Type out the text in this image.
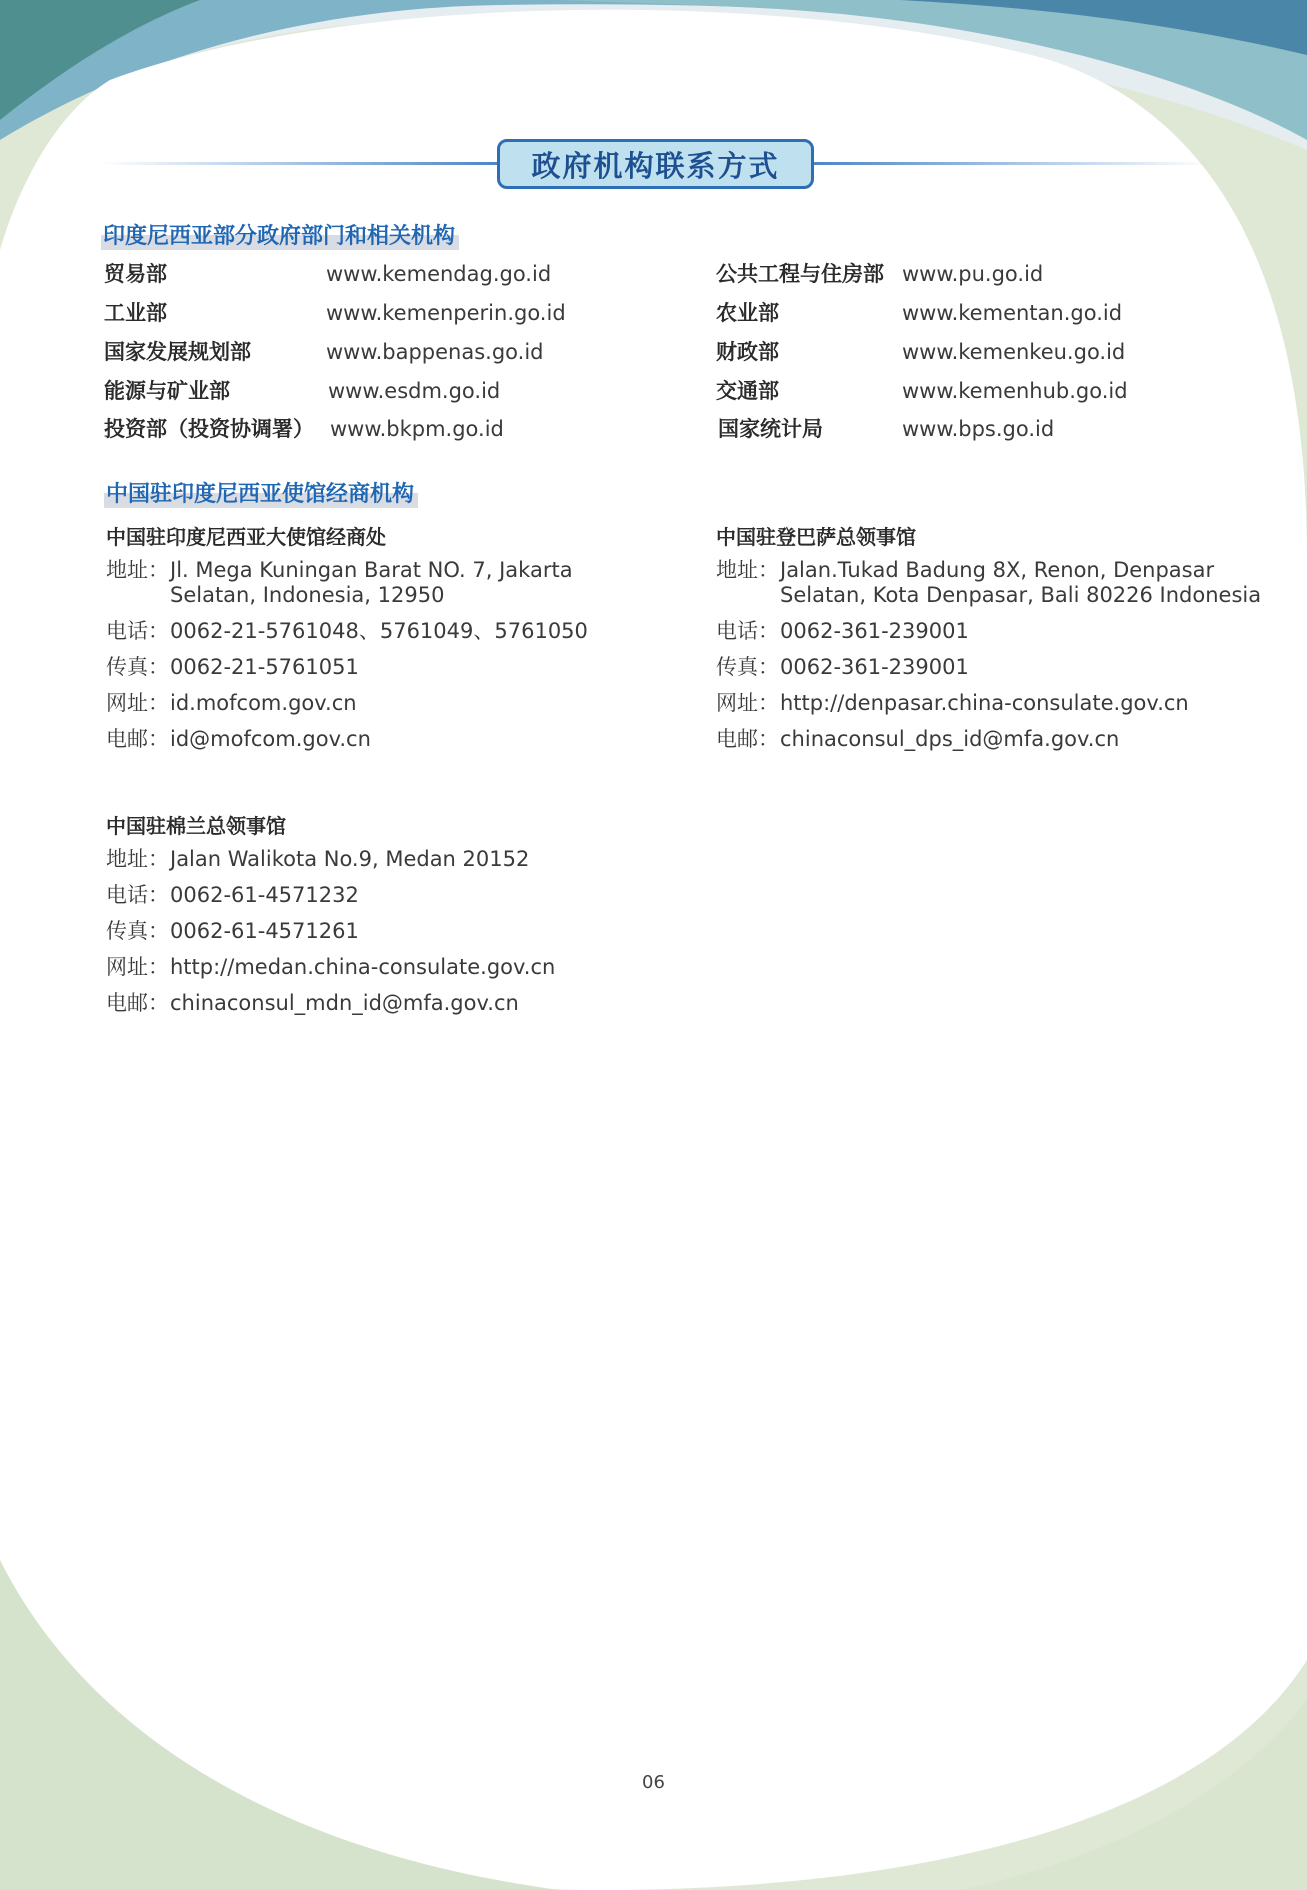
政府机构联系方式
印度尼西亚部分政府部门和相关机构
贸易部	www.kemendag.go.id
工业部	www.kemenperin.go.id
国家发展规划部	www.bappenas.go.id
能源与矿业部	www.esdm.go.id
投资部（投资协调署） www.bkpm.go.id
公共工程与住房部 www.pu.go.id
农业部	www.kementan.go.id
财政部	www.kemenkeu.go.id
交通部	www.kemenhub.go.id
国家统计局	www.bps.go.id
中国驻印度尼西亚使馆经商机构
中国驻印度尼西亚大使馆经商处
地址： Jl. Mega Kuningan Barat NO. 7, Jakarta
Selatan, Indonesia, 12950
电话： 0062-21-5761048、5761049、5761050
传真： 0062-21-5761051
网址： id.mofcom.gov.cn
电邮： id@mofcom.gov.cn
中国驻登巴萨总领事馆
地址： Jalan.Tukad Badung 8X, Renon, Denpasar
Selatan, Kota Denpasar, Bali 80226 Indonesia
电话： 0062-361-239001
传真： 0062-361-239001
网址： http://denpasar.china-consulate.gov.cn
电邮： chinaconsul_dps_id@mfa.gov.cn
中国驻棉兰总领事馆
地址： Jalan Walikota No.9, Medan 20152
电话： 0062-61-4571232
传真： 0062-61-4571261
网址： http://medan.china-consulate.gov.cn
电邮： chinaconsul_mdn_id@mfa.gov.cn
06
